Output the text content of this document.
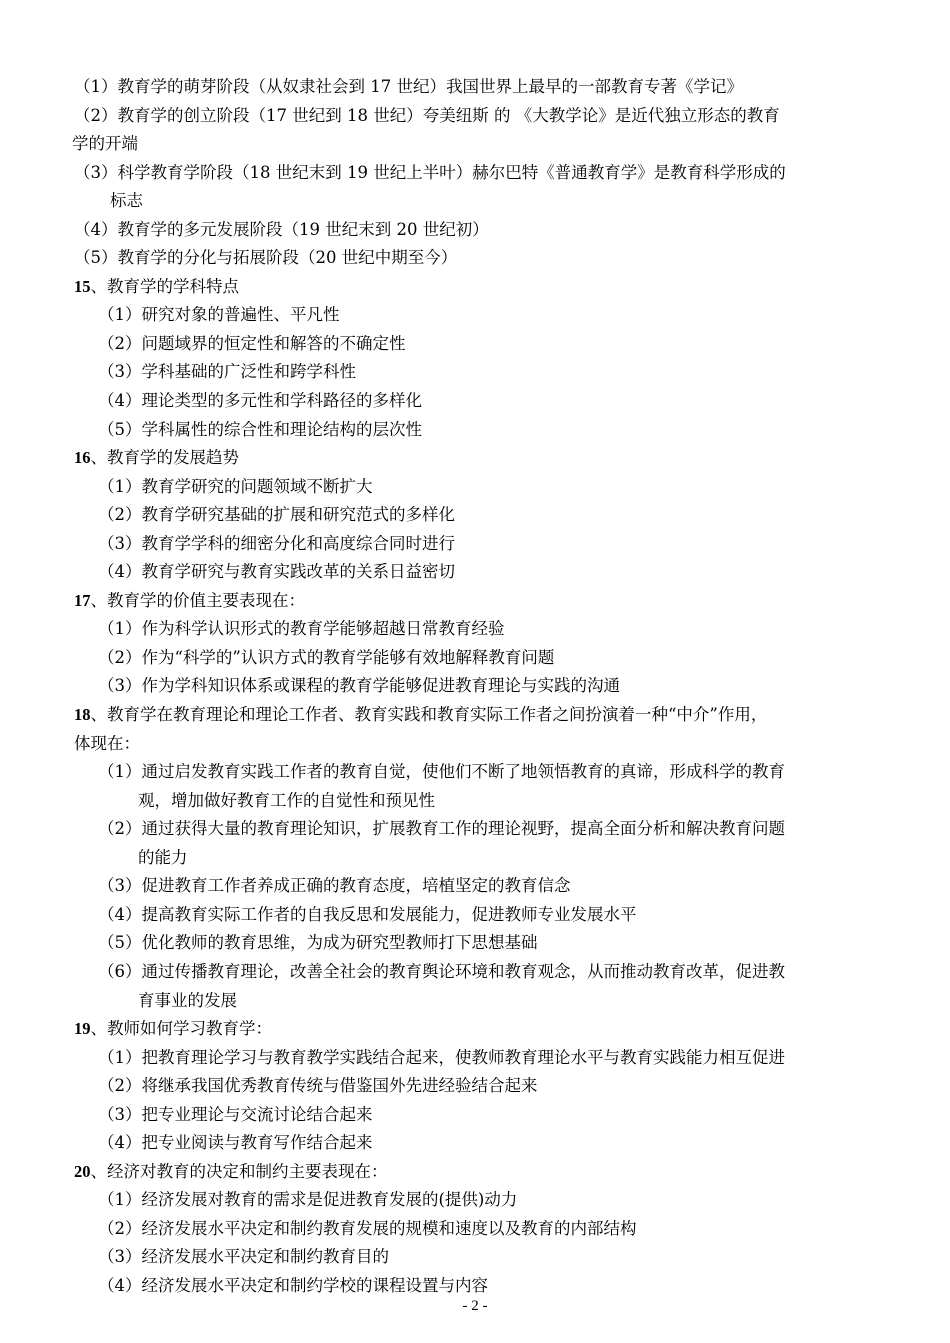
（1）教育学的萌芽阶段（从奴隶社会到 17 世纪）我国世界上最早的一部教育专著《学记》
（2）教育学的创立阶段（17 世纪到 18 世纪）夸美纽斯 的 《大教学论》是近代独立形态的教育
学的开端
（3）科学教育学阶段（18 世纪末到 19 世纪上半叶）赫尔巴特《普通教育学》是教育科学形成的
标志
（4）教育学的多元发展阶段（19 世纪末到 20 世纪初）
（5）教育学的分化与拓展阶段（20 世纪中期至今）
15、教育学的学科特点
（1）研究对象的普遍性、平凡性
（2）问题域界的恒定性和解答的不确定性
（3）学科基础的广泛性和跨学科性
（4）理论类型的多元性和学科路径的多样化
（5）学科属性的综合性和理论结构的层次性
16、教育学的发展趋势
（1）教育学研究的问题领域不断扩大
（2）教育学研究基础的扩展和研究范式的多样化
（3）教育学学科的细密分化和高度综合同时进行
（4）教育学研究与教育实践改革的关系日益密切
17、教育学的价值主要表现在：
（1）作为科学认识形式的教育学能够超越日常教育经验
（2）作为“科学的”认识方式的教育学能够有效地解释教育问题
（3）作为学科知识体系或课程的教育学能够促进教育理论与实践的沟通
18、教育学在教育理论和理论工作者、教育实践和教育实际工作者之间扮演着一种“中介”作用，
体现在：
（1）通过启发教育实践工作者的教育自觉，使他们不断了地领悟教育的真谛，形成科学的教育
观，增加做好教育工作的自觉性和预见性
（2）通过获得大量的教育理论知识，扩展教育工作的理论视野，提高全面分析和解决教育问题
的能力
（3）促进教育工作者养成正确的教育态度，培植坚定的教育信念
（4）提高教育实际工作者的自我反思和发展能力，促进教师专业发展水平
（5）优化教师的教育思维，为成为研究型教师打下思想基础
（6）通过传播教育理论，改善全社会的教育舆论环境和教育观念，从而推动教育改革，促进教
育事业的发展
19、教师如何学习教育学：
（1）把教育理论学习与教育教学实践结合起来，使教师教育理论水平与教育实践能力相互促进
（2）将继承我国优秀教育传统与借鉴国外先进经验结合起来
（3）把专业理论与交流讨论结合起来
（4）把专业阅读与教育写作结合起来
20、经济对教育的决定和制约主要表现在：
（1）经济发展对教育的需求是促进教育发展的(提供)动力
（2）经济发展水平决定和制约教育发展的规模和速度以及教育的内部结构
（3）经济发展水平决定和制约教育目的
（4）经济发展水平决定和制约学校的课程设置与内容
- 2 -
